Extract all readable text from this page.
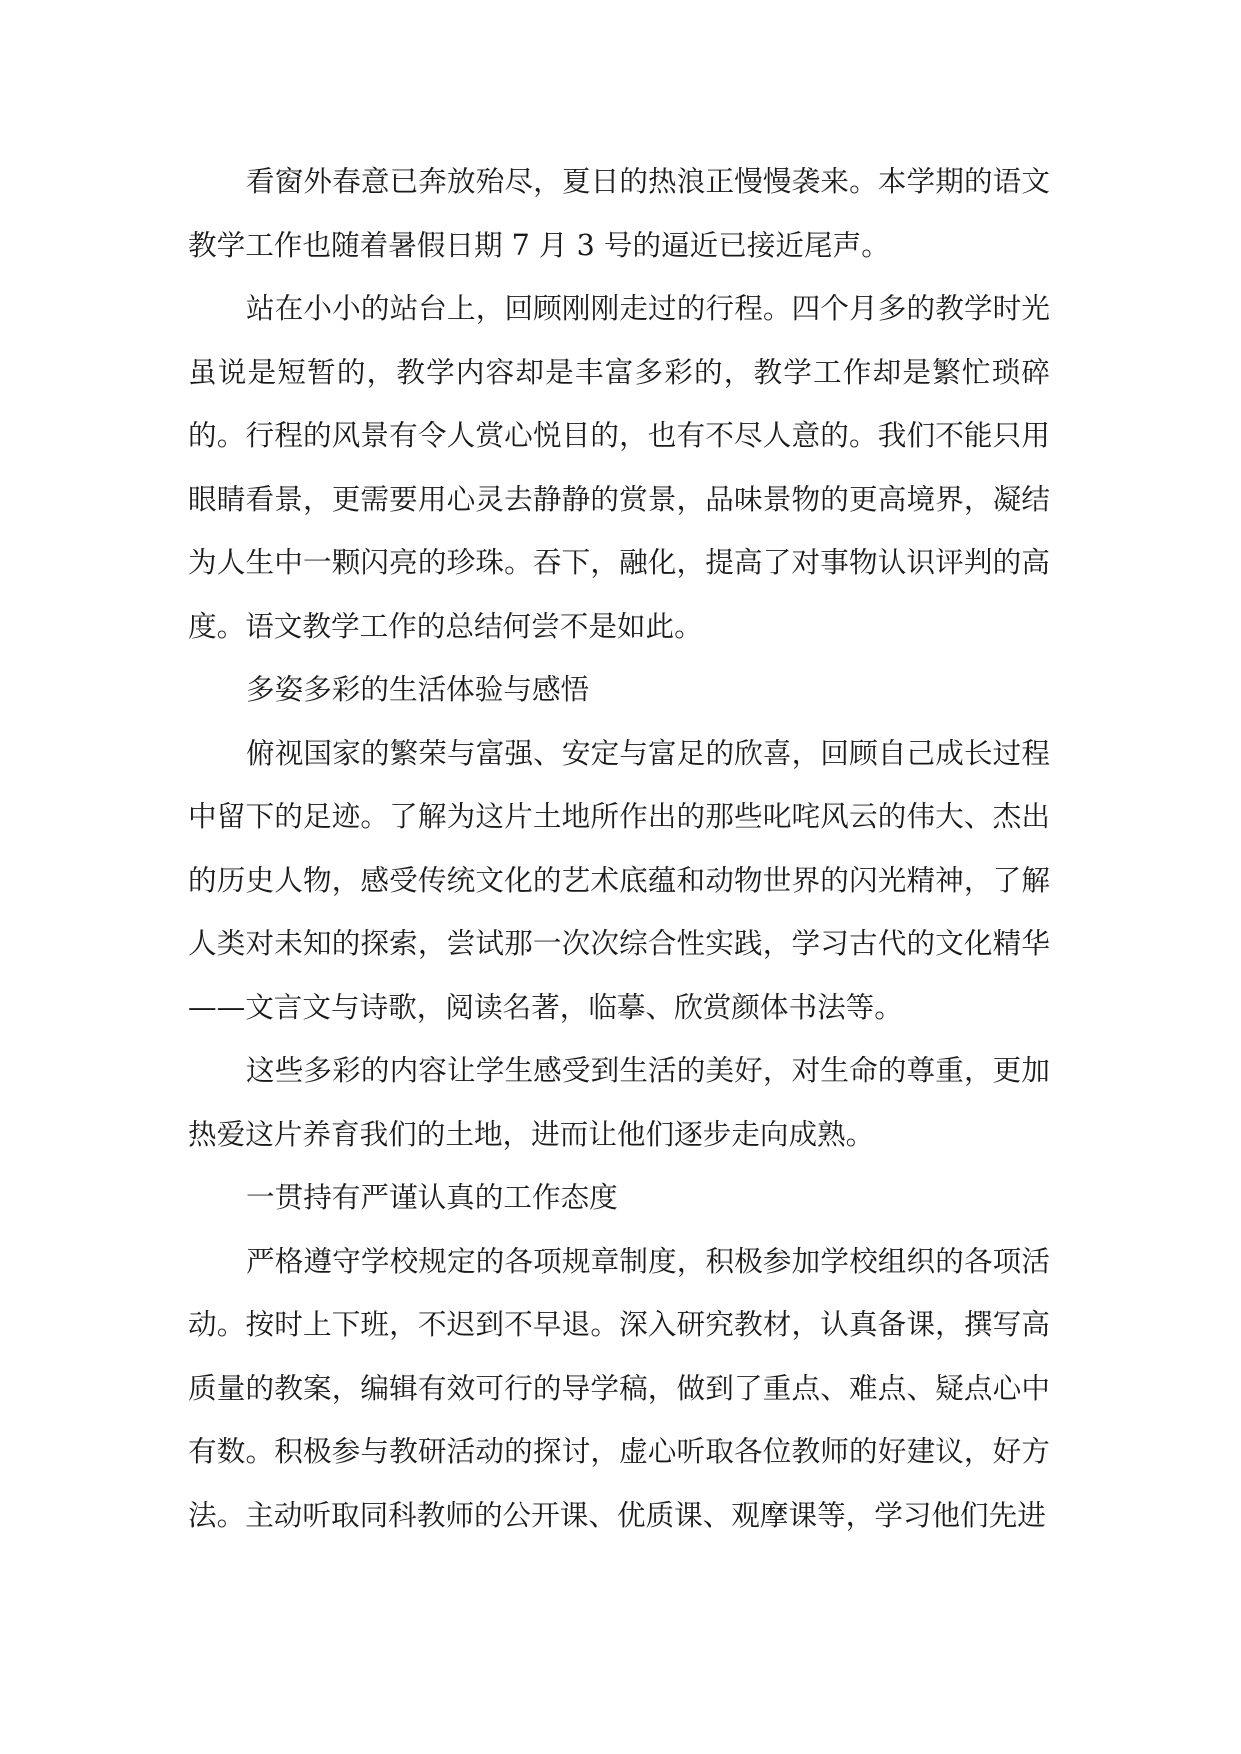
看窗外春意已奔放殆尽，夏日的热浪正慢慢袭来。本学期的语文教学工作也随着暑假日期 7 月 3 号的逼近已接近尾声。

站在小小的站台上，回顾刚刚走过的行程。四个月多的教学时光虽说是短暂的，教学内容却是丰富多彩的，教学工作却是繁忙琐碎的。行程的风景有令人赏心悦目的，也有不尽人意的。我们不能只用眼睛看景，更需要用心灵去静静的赏景，品味景物的更高境界，凝结为人生中一颗闪亮的珍珠。吞下，融化，提高了对事物认识评判的高度。语文教学工作的总结何尝不是如此。

多姿多彩的生活体验与感悟

俯视国家的繁荣与富强、安定与富足的欣喜，回顾自己成长过程中留下的足迹。了解为这片土地所作出的那些叱咤风云的伟大、杰出的历史人物，感受传统文化的艺术底蕴和动物世界的闪光精神，了解人类对未知的探索，尝试那一次次综合性实践，学习古代的文化精华——文言文与诗歌，阅读名著，临摹、欣赏颜体书法等。

这些多彩的内容让学生感受到生活的美好，对生命的尊重，更加热爱这片养育我们的土地，进而让他们逐步走向成熟。

一贯持有严谨认真的工作态度

严格遵守学校规定的各项规章制度，积极参加学校组织的各项活动。按时上下班，不迟到不早退。深入研究教材，认真备课，撰写高质量的教案，编辑有效可行的导学稿，做到了重点、难点、疑点心中有数。积极参与教研活动的探讨，虚心听取各位教师的好建议，好方法。主动听取同科教师的公开课、优质课、观摩课等，学习他们先进
